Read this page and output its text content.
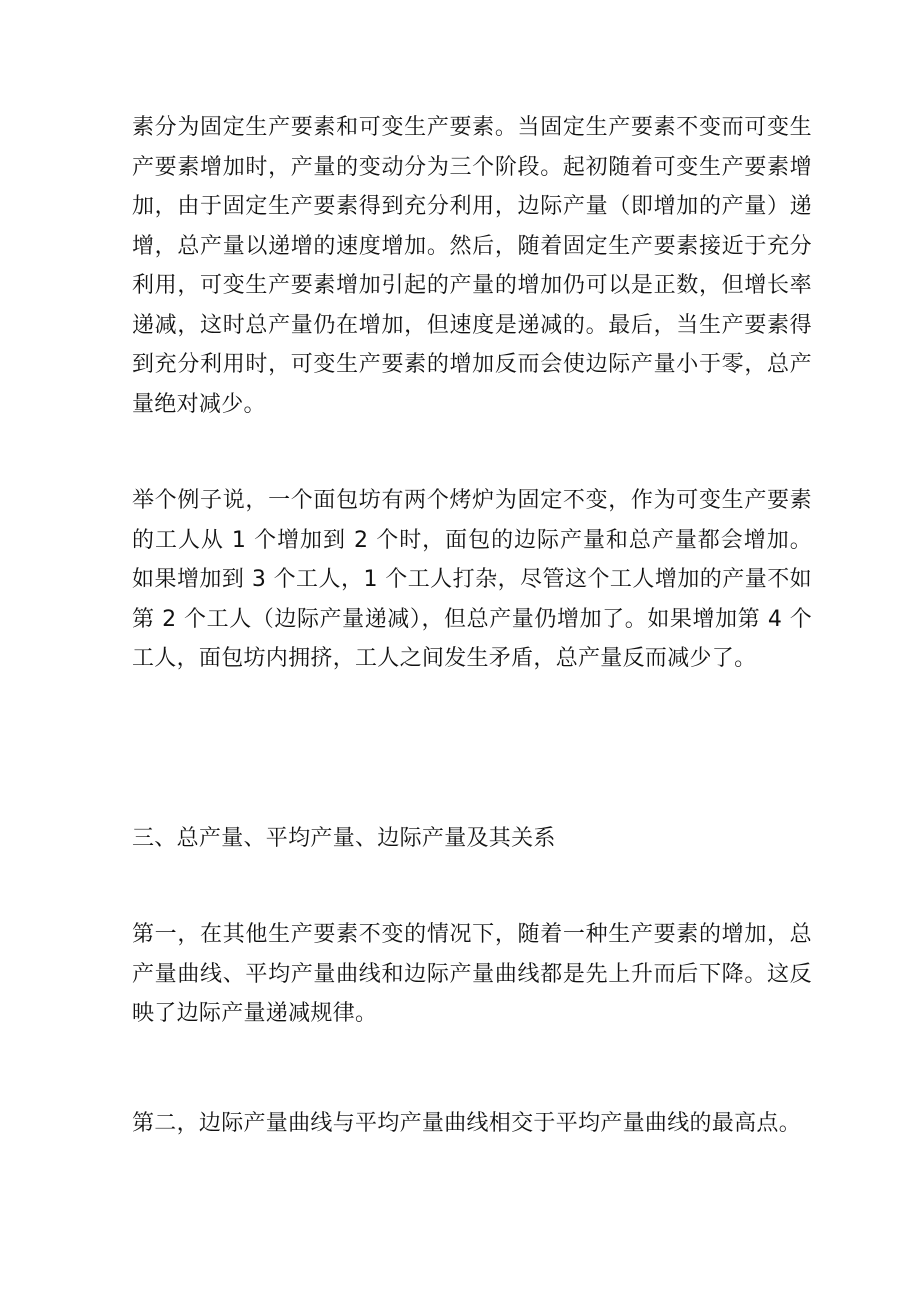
素分为固定生产要素和可变生产要素。当固定生产要素不变而可变生产要素增加时，产量的变动分为三个阶段。起初随着可变生产要素增加，由于固定生产要素得到充分利用，边际产量（即增加的产量）递增，总产量以递增的速度增加。然后，随着固定生产要素接近于充分利用，可变生产要素增加引起的产量的增加仍可以是正数，但增长率递减，这时总产量仍在增加，但速度是递减的。最后，当生产要素得到充分利用时，可变生产要素的增加反而会使边际产量小于零，总产量绝对减少。

举个例子说，一个面包坊有两个烤炉为固定不变，作为可变生产要素的工人从 1 个增加到 2 个时，面包的边际产量和总产量都会增加。如果增加到 3 个工人，1 个工人打杂，尽管这个工人增加的产量不如第 2 个工人（边际产量递减），但总产量仍增加了。如果增加第 4 个工人，面包坊内拥挤，工人之间发生矛盾，总产量反而减少了。

三、总产量、平均产量、边际产量及其关系

第一，在其他生产要素不变的情况下，随着一种生产要素的增加，总产量曲线、平均产量曲线和边际产量曲线都是先上升而后下降。这反映了边际产量递减规律。

第二，边际产量曲线与平均产量曲线相交于平均产量曲线的最高点。
